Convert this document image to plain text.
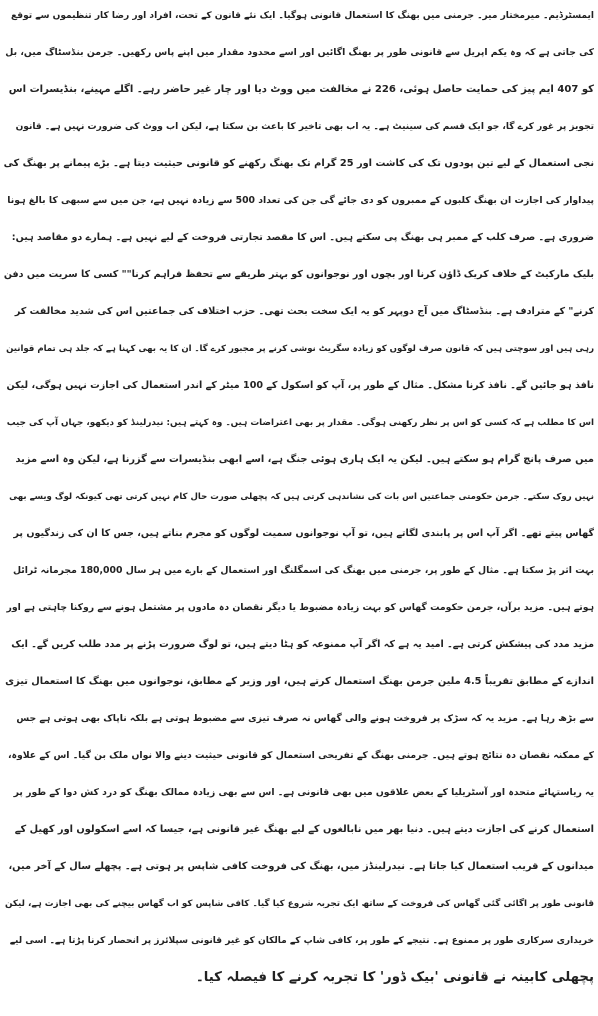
ایمسٹرڈیم۔ میرمختار میر۔ جرمنی میں بھنگ کا استعمال قانونی ہوگیا۔ ایک نئے قانون کے تحت، افراد اور رضا کار تنظیموں سے توقع
کی جاتی ہے کہ وہ یکم اپریل سے قانونی طور پر بھنگ اگائیں اور اسے محدود مقدار میں اپنے پاس رکھیں۔ جرمن بنڈسٹاگ میں، بل
کو 407 ایم پیز کی حمایت حاصل ہوئی، 226 نے مخالفت میں ووٹ دیا اور چار غیر حاضر رہے۔ اگلے مہینے، بنڈیسرات اس
تجویز پر غور کرے گا، جو ایک قسم کی سینیٹ ہے۔ یہ اب بھی تاخیر کا باعث بن سکتا ہے، لیکن اب ووٹ کی ضرورت نہیں ہے۔ قانون
نجی استعمال کے لیے تین پودوں تک کی کاشت اور 25 گرام تک بھنگ رکھنے کو قانونی حیثیت دیتا ہے۔ بڑے پیمانے پر بھنگ کی
پیداوار کی اجازت ان بھنگ کلبوں کے ممبروں کو دی جائے گی جن کی تعداد 500 سے زیادہ نہیں ہے، جن میں سے سبھی کا بالغ ہونا
ضروری ہے۔ صرف کلب کے ممبر ہی بھنگ پی سکتے ہیں۔ اس کا مقصد تجارتی فروخت کے لیے نہیں ہے۔ ہمارے دو مقاصد ہیں:
بلیک مارکیٹ کے خلاف کریک ڈاؤن کرنا اور بچوں اور نوجوانوں کو بہتر طریقے سے تحفظ فراہم کرنا"" کسی کا سریت میں دفن
کرنے" کے مترادف ہے۔ بنڈسٹاگ میں آج دوپہر کو یہ ایک سخت بحث تھی۔ حزب اختلاف کی جماعتیں اس کی شدید مخالفت کر
رہی ہیں اور سوچتی ہیں کہ قانون صرف لوگوں کو زیادہ سگریٹ نوشی کرنے پر مجبور کرے گا۔ ان کا یہ بھی کہنا ہے کہ جلد ہی تمام قوانین
نافذ ہو جائیں گے۔ نافذ کرنا مشکل۔ مثال کے طور پر، آپ کو اسکول کے 100 میٹر کے اندر استعمال کی اجازت نہیں ہوگی، لیکن
اس کا مطلب ہے کہ کسی کو اس پر نظر رکھنی ہوگی۔ مقدار پر بھی اعتراضات ہیں۔ وہ کہتے ہیں: نیدرلینڈ کو دیکھو، جہاں آپ کی جیب
میں صرف پانچ گرام ہو سکتے ہیں۔ لیکن یہ ایک ہاری ہوئی جنگ ہے، اسے ابھی بنڈیسرات سے گزرنا ہے، لیکن وہ اسے مزید
نہیں روک سکتے۔ جرمن حکومتی جماعتیں اس بات کی نشاندہی کرتی ہیں کہ پچھلی صورت حال کام نہیں کرتی تھی کیونکہ لوگ ویسے بھی
گھاس پیتے تھے۔ اگر آپ اس پر پابندی لگاتے ہیں، تو آپ نوجوانوں سمیت لوگوں کو مجرم بناتے ہیں، جس کا ان کی زندگیوں پر
بہت اثر پڑ سکتا ہے۔ مثال کے طور پر، جرمنی میں بھنگ کی اسمگلنگ اور استعمال کے بارے میں ہر سال 180,000 مجرمانہ ٹرائل
ہوتے ہیں۔ مزید برآں، جرمن حکومت گھاس کو بہت زیادہ مضبوط یا دیگر نقصان دہ مادوں پر مشتمل ہونے سے روکنا چاہتی ہے اور
مزید مدد کی پیشکش کرتی ہے۔ امید یہ ہے کہ اگر آپ ممنوعہ کو ہٹا دیتے ہیں، تو لوگ ضرورت پڑنے پر مدد طلب کریں گے۔ ایک
اندازے کے مطابق تقریباً 4.5 ملین جرمن بھنگ استعمال کرتے ہیں، اور وزیر کے مطابق، نوجوانوں میں بھنگ کا استعمال تیزی
سے بڑھ رہا ہے۔ مزید یہ کہ سڑک پر فروخت ہونے والی گھاس نہ صرف تیزی سے مضبوط ہوتی ہے بلکہ ناپاک بھی ہوتی ہے جس
کے ممکنہ نقصان دہ نتائج ہوتے ہیں۔ جرمنی بھنگ کے تفریحی استعمال کو قانونی حیثیت دینے والا نواں ملک بن گیا۔ اس کے علاوہ،
یہ ریاستہائے متحدہ اور آسٹریلیا کے بعض علاقوں میں بھی قانونی ہے۔ اس سے بھی زیادہ ممالک بھنگ کو درد کش دوا کے طور پر
استعمال کرنے کی اجازت دیتے ہیں۔ دنیا بھر میں نابالغوں کے لیے بھنگ غیر قانونی ہے، جیسا کہ اسے اسکولوں اور کھیل کے
میدانوں کے قریب استعمال کیا جاتا ہے۔ نیدرلینڈز میں، بھنگ کی فروخت کافی شاپس پر ہوتی ہے۔ پچھلے سال کے آخر میں،
قانونی طور پر اگائی گئی گھاس کی فروخت کے ساتھ ایک تجربہ شروع کیا گیا۔ کافی شاپس کو اب گھاس بیچنے کی بھی اجازت ہے، لیکن
خریداری سرکاری طور پر ممنوع ہے۔ نتیجے کے طور پر، کافی شاپ کے مالکان کو غیر قانونی سپلائرز پر انحصار کرنا پڑتا ہے۔ اسی لیے
پچھلی کابینہ نے قانونی 'بیک ڈور' کا تجربہ کرنے کا فیصلہ کیا۔
